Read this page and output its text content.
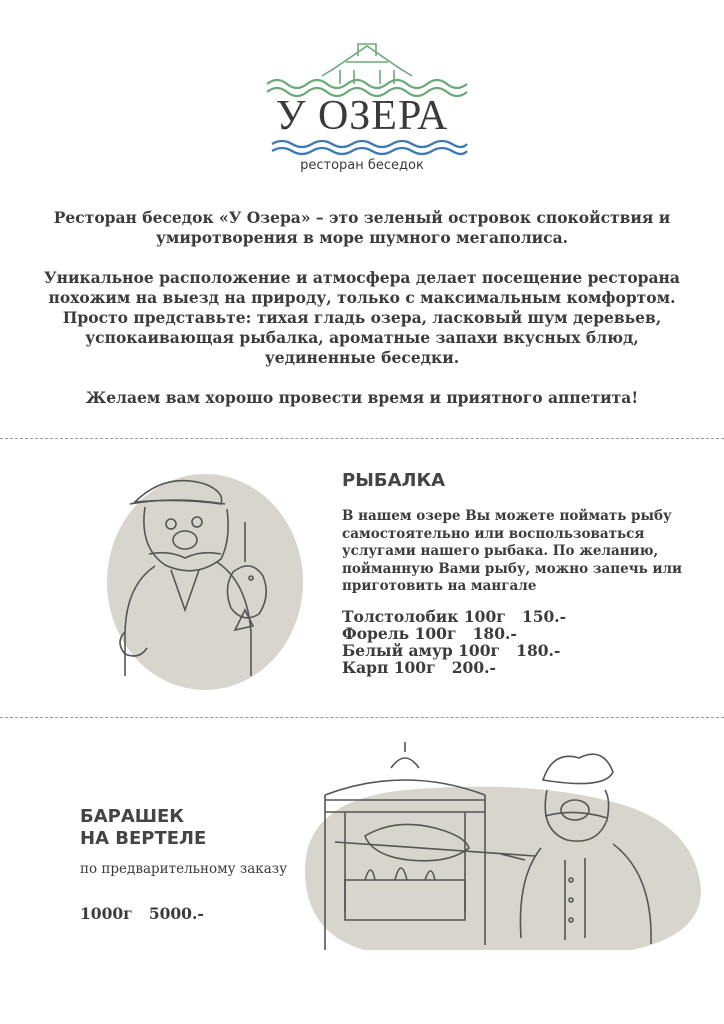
У ОЗЕРА
ресторан беседок

Ресторан беседок «У Озера» – это зеленый островок спокойствия и умиротворения в море шумного мегаполиса.

Уникальное расположение и атмосфера делает посещение ресторана похожим на выезд на природу, только с максимальным комфортом. Просто представьте: тихая гладь озера, ласковый шум деревьев, успокаивающая рыбалка, ароматные запахи вкусных блюд, уединенные беседки.

Желаем вам хорошо провести время и приятного аппетита!

РЫБАЛКА
В нашем озере Вы можете поймать рыбу самостоятельно или воспользоваться услугами нашего рыбака. По желанию, пойманную Вами рыбу, можно запечь или приготовить на мангале
Толстолобик 100г   150.-
Форель 100г   180.-
Белый амур 100г   180.-
Карп 100г   200.-
БАРАШЕК
НА ВЕРТЕЛЕ
по предварительному заказу
1000г   5000.-
